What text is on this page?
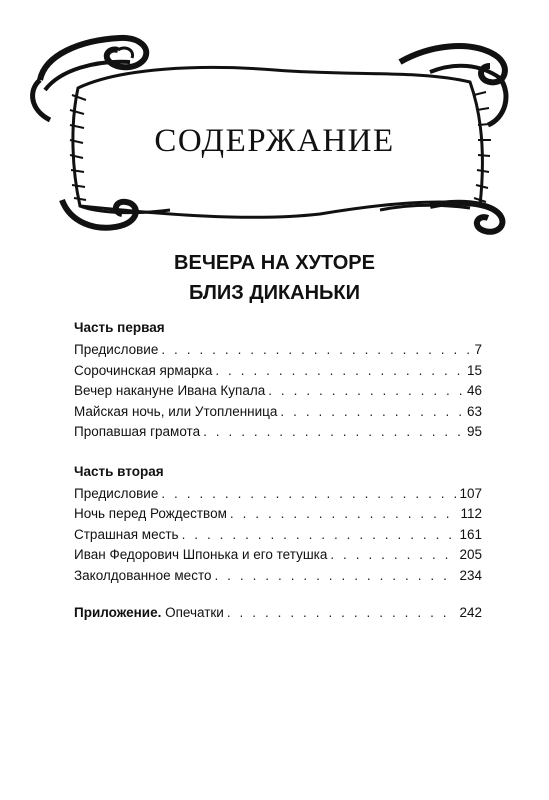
СОДЕРЖАНИЕ
ВЕЧЕРА НА ХУТОРЕ
БЛИЗ ДИКАНЬКИ
Часть первая
Предисловие . . .	7
Сорочинская ярмарка . . .	15
Вечер накануне Ивана Купала . . .	46
Майская ночь, или Утопленница . . .	63
Пропавшая грамота . . .	95
Часть вторая
Предисловие . . .	107
Ночь перед Рождеством . . .	112
Страшная месть . . .	161
Иван Федорович Шпонька и его тетушка . . .	205
Заколдованное место . . .	234
Приложение. Опечатки . . .	242
